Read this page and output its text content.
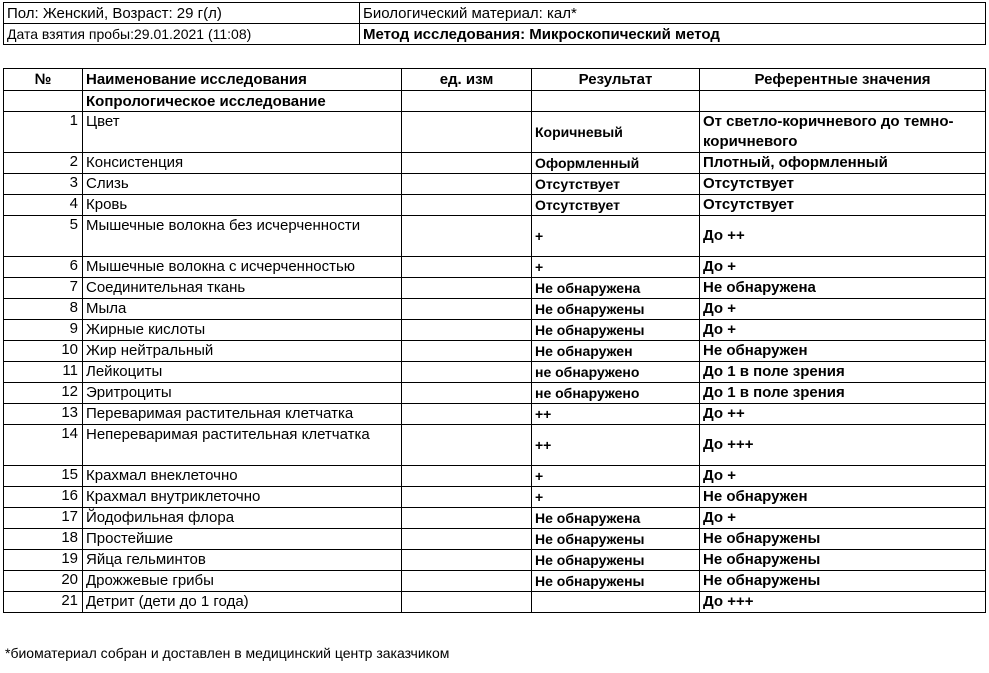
Пол: Женский, Возраст: 29 г(л)	Биологический материал: кал*
Дата взятия пробы:29.01.2021 (11:08)	Метод исследования: Микроскопический метод
№	Наименование исследования	ед. изм	Результат	Референтные значения
	Копрологическое исследование			
1	Цвет		Коричневый	От светло-коричневого до темно-коричневого
2	Консистенция		Оформленный	Плотный, оформленный
3	Слизь		Отсутствует	Отсутствует
4	Кровь		Отсутствует	Отсутствует
5	Мышечные волокна без исчерченности		+	До ++
6	Мышечные волокна с исчерченностью		+	До +
7	Соединительная ткань		Не обнаружена	Не обнаружена
8	Мыла		Не обнаружены	До +
9	Жирные кислоты		Не обнаружены	До +
10	Жир нейтральный		Не обнаружен	Не обнаружен
11	Лейкоциты		не обнаружено	До 1 в поле зрения
12	Эритроциты		не обнаружено	До 1 в поле зрения
13	Переваримая растительная клетчатка		++	До ++
14	Непереваримая растительная клетчатка		++	До +++
15	Крахмал внеклеточно		+	До +
16	Крахмал внутриклеточно		+	Не обнаружен
17	Йодофильная флора		Не обнаружена	До +
18	Простейшие		Не обнаружены	Не обнаружены
19	Яйца гельминтов		Не обнаружены	Не обнаружены
20	Дрожжевые грибы		Не обнаружены	Не обнаружены
21	Детрит (дети до 1 года)			До +++
*биоматериал собран и доставлен в медицинский центр заказчиком
